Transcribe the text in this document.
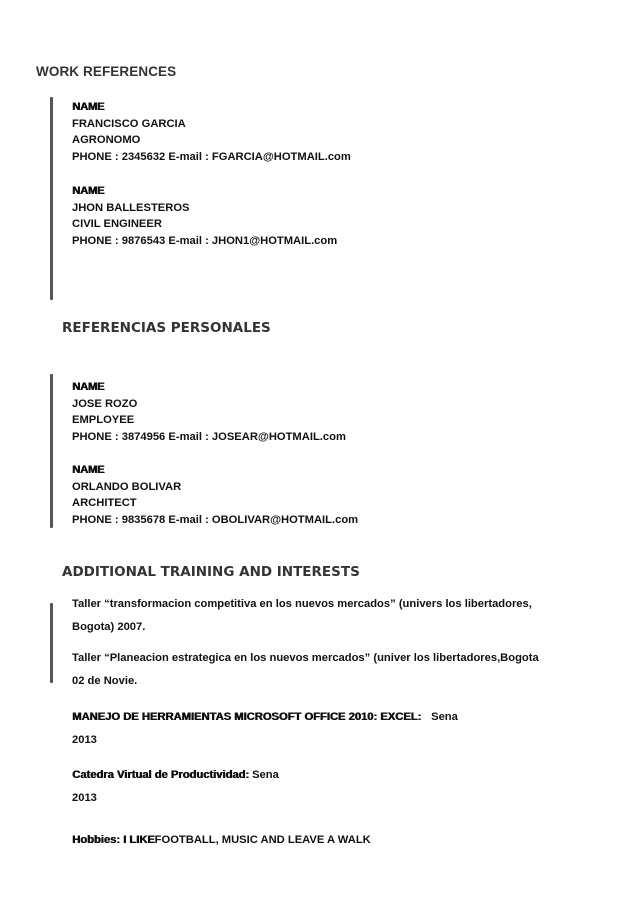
WORK REFERENCES
NAME
FRANCISCO GARCIA
AGRONOMO
PHONE : 2345632 E-mail : FGARCIA@HOTMAIL.com
NAME
JHON BALLESTEROS
CIVIL ENGINEER
PHONE : 9876543 E-mail : JHON1@HOTMAIL.com
REFERENCIAS PERSONALES
NAME
JOSE ROZO
EMPLOYEE
PHONE : 3874956 E-mail : JOSEAR@HOTMAIL.com
NAME
ORLANDO BOLIVAR
ARCHITECT
PHONE : 9835678 E-mail : OBOLIVAR@HOTMAIL.com
ADDITIONAL TRAINING AND INTERESTS
Taller “transformacion competitiva en los nuevos mercados” (univers los libertadores,
Bogota) 2007.
Taller “Planeacion estrategica en los nuevos mercados” (univer los libertadores,Bogota
02 de Novie.
MANEJO DE HERRAMIENTAS MICROSOFT OFFICE 2010: EXCEL: Sena
2013
Catedra Virtual de Productividad: Sena
2013
Hobbies: I LIKEFOOTBALL, MUSIC AND LEAVE A WALK
